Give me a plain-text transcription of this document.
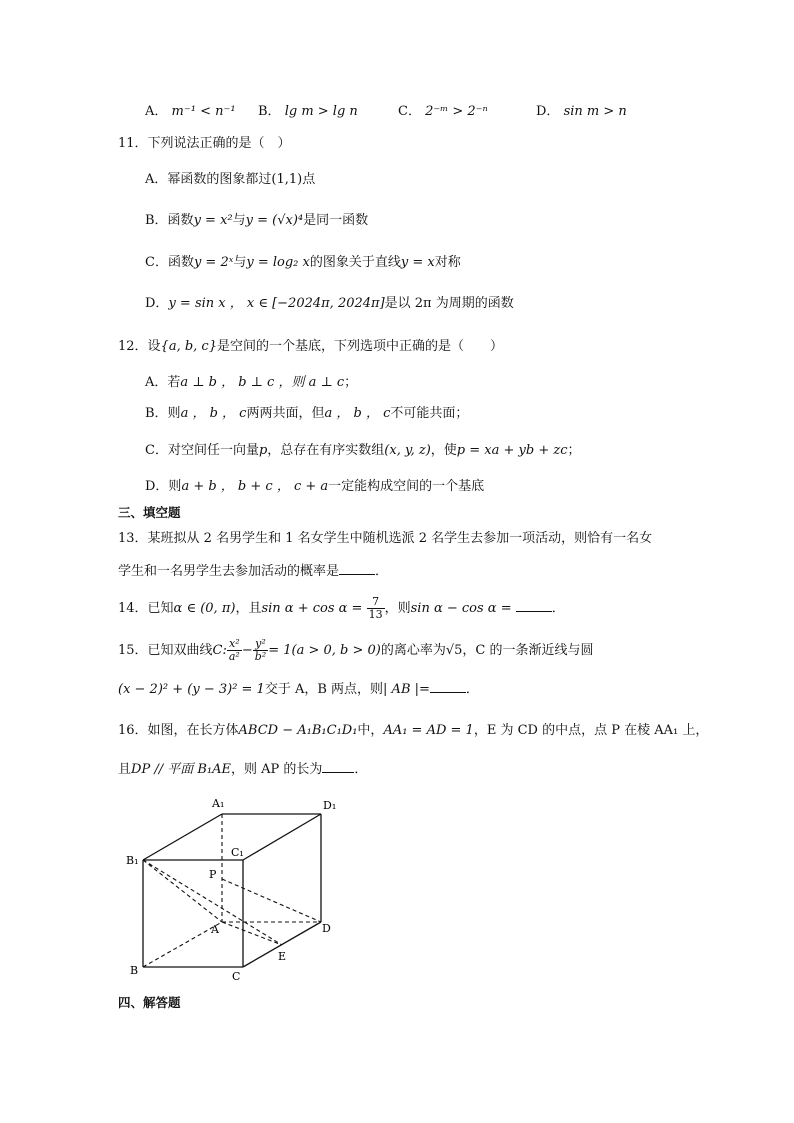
A． m⁻¹ < n⁻¹ B． lg m > lg n	C． 2⁻ᵐ > 2⁻ⁿ	D． sin m > n
11．下列说法正确的是（　）
A．幂函数的图象都过(1,1)点
B．函数y = x²与y = (√x)⁴是同一函数
C．函数y = 2ˣ与y = log₂ x的图象关于直线y = x对称
D．y = sin x ， x ∈ [−2024π, 2024π]是以 2π 为周期的函数
12．设{a, b, c}是空间的一个基底，下列选项中正确的是（　　）
A．若a ⊥ b ， b ⊥ c ，则 a ⊥ c；
B．则a ， b ， c两两共面，但a ， b ， c不可能共面；
C．对空间任一向量p，总存在有序实数组(x, y, z)，使p = xa + yb + zc；
D．则a + b ， b + c ， c + a一定能构成空间的一个基底
三、填空题
13．某班拟从 2 名男学生和 1 名女学生中随机选派 2 名学生去参加一项活动，则恰有一名女
学生和一名男学生去参加活动的概率是	．
14．已知α ∈ (0, π)，且$\sin \alpha + \cos \alpha = \frac{7}{13}$ ，则sin α − cos α =	．
15．已知双曲线C: $\frac{\text{x²}}{\text{a²}} - \frac{\text{y²}}{\text{b²}} = 1(a > 0$, b > 0)的离心率为√5，C 的一条渐近线与圆
(x − 2)² + (y − 3)² = 1交于 A，B 两点，则| AB |=	．
16．如图，在长方体ABCD − A₁B₁C₁D₁中，AA₁ = AD = 1，E 为 CD 的中点，点 P 在棱 AA₁ 上，
且DP // 平面 B₁AE，则 AP 的长为 ．
A₁	D₁
B₁
C₁
P
A	D
B	C
E
四、解答题
